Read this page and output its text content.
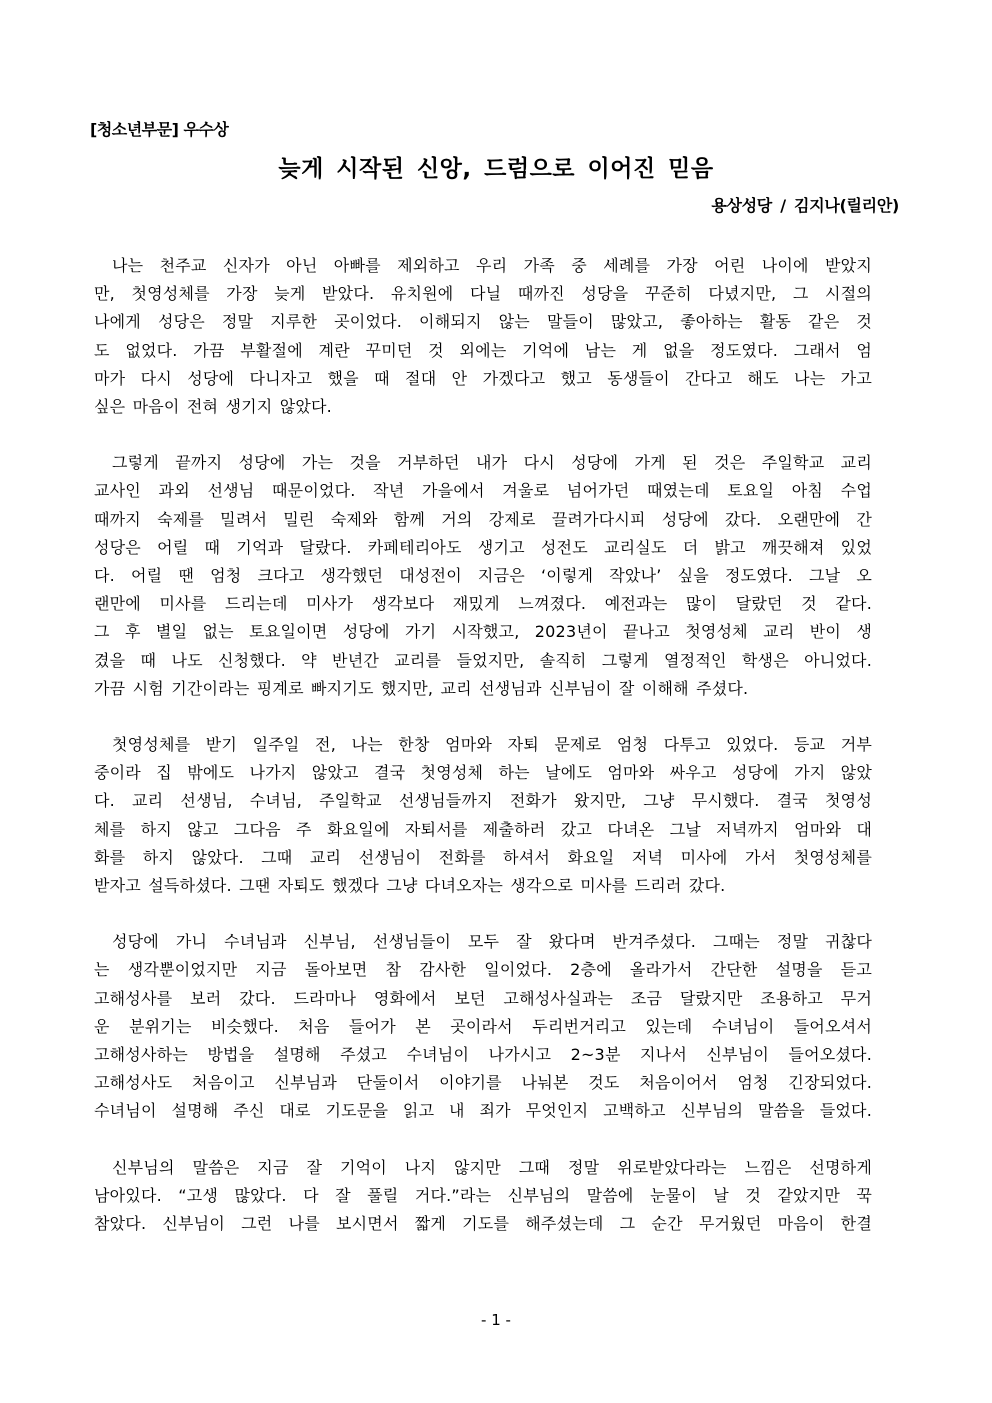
[청소년부문] 우수상
늦게 시작된 신앙, 드럼으로 이어진 믿음
용상성당 / 김지나(릴리안)

나는 천주교 신자가 아닌 아빠를 제외하고 우리 가족 중 세례를 가장 어린 나이에 받았지
만, 첫영성체를 가장 늦게 받았다. 유치원에 다닐 때까진 성당을 꾸준히 다녔지만, 그 시절의
나에게 성당은 정말 지루한 곳이었다. 이해되지 않는 말들이 많았고, 좋아하는 활동 같은 것
도 없었다. 가끔 부활절에 계란 꾸미던 것 외에는 기억에 남는 게 없을 정도였다. 그래서 엄
마가 다시 성당에 다니자고 했을 때 절대 안 가겠다고 했고 동생들이 간다고 해도 나는 가고
싶은 마음이 전혀 생기지 않았다.

그렇게 끝까지 성당에 가는 것을 거부하던 내가 다시 성당에 가게 된 것은 주일학교 교리
교사인 과외 선생님 때문이었다. 작년 가을에서 겨울로 넘어가던 때였는데 토요일 아침 수업
때까지 숙제를 밀려서 밀린 숙제와 함께 거의 강제로 끌려가다시피 성당에 갔다. 오랜만에 간
성당은 어릴 때 기억과 달랐다. 카페테리아도 생기고 성전도 교리실도 더 밝고 깨끗해져 있었
다. 어릴 땐 엄청 크다고 생각했던 대성전이 지금은 ‘이렇게 작았나’ 싶을 정도였다. 그날 오
랜만에 미사를 드리는데 미사가 생각보다 재밌게 느껴졌다. 예전과는 많이 달랐던 것 같다.
그 후 별일 없는 토요일이면 성당에 가기 시작했고, 2023년이 끝나고 첫영성체 교리 반이 생
겼을 때 나도 신청했다. 약 반년간 교리를 들었지만, 솔직히 그렇게 열정적인 학생은 아니었다.
가끔 시험 기간이라는 핑계로 빠지기도 했지만, 교리 선생님과 신부님이 잘 이해해 주셨다.

첫영성체를 받기 일주일 전, 나는 한창 엄마와 자퇴 문제로 엄청 다투고 있었다. 등교 거부
중이라 집 밖에도 나가지 않았고 결국 첫영성체 하는 날에도 엄마와 싸우고 성당에 가지 않았
다. 교리 선생님, 수녀님, 주일학교 선생님들까지 전화가 왔지만, 그냥 무시했다. 결국 첫영성
체를 하지 않고 그다음 주 화요일에 자퇴서를 제출하러 갔고 다녀온 그날 저녁까지 엄마와 대
화를 하지 않았다. 그때 교리 선생님이 전화를 하셔서 화요일 저녁 미사에 가서 첫영성체를
받자고 설득하셨다. 그땐 자퇴도 했겠다 그냥 다녀오자는 생각으로 미사를 드리러 갔다.

성당에 가니 수녀님과 신부님, 선생님들이 모두 잘 왔다며 반겨주셨다. 그때는 정말 귀찮다
는 생각뿐이었지만 지금 돌아보면 참 감사한 일이었다. 2층에 올라가서 간단한 설명을 듣고
고해성사를 보러 갔다. 드라마나 영화에서 보던 고해성사실과는 조금 달랐지만 조용하고 무거
운 분위기는 비슷했다. 처음 들어가 본 곳이라서 두리번거리고 있는데 수녀님이 들어오셔서
고해성사하는 방법을 설명해 주셨고 수녀님이 나가시고 2~3분 지나서 신부님이 들어오셨다.
고해성사도 처음이고 신부님과 단둘이서 이야기를 나눠본 것도 처음이어서 엄청 긴장되었다.
수녀님이 설명해 주신 대로 기도문을 읽고 내 죄가 무엇인지 고백하고 신부님의 말씀을 들었다.

신부님의 말씀은 지금 잘 기억이 나지 않지만 그때 정말 위로받았다라는 느낌은 선명하게
남아있다. “고생 많았다. 다 잘 풀릴 거다.”라는 신부님의 말씀에 눈물이 날 것 같았지만 꾹
참았다. 신부님이 그런 나를 보시면서 짧게 기도를 해주셨는데 그 순간 무거웠던 마음이 한결

- 1 -
